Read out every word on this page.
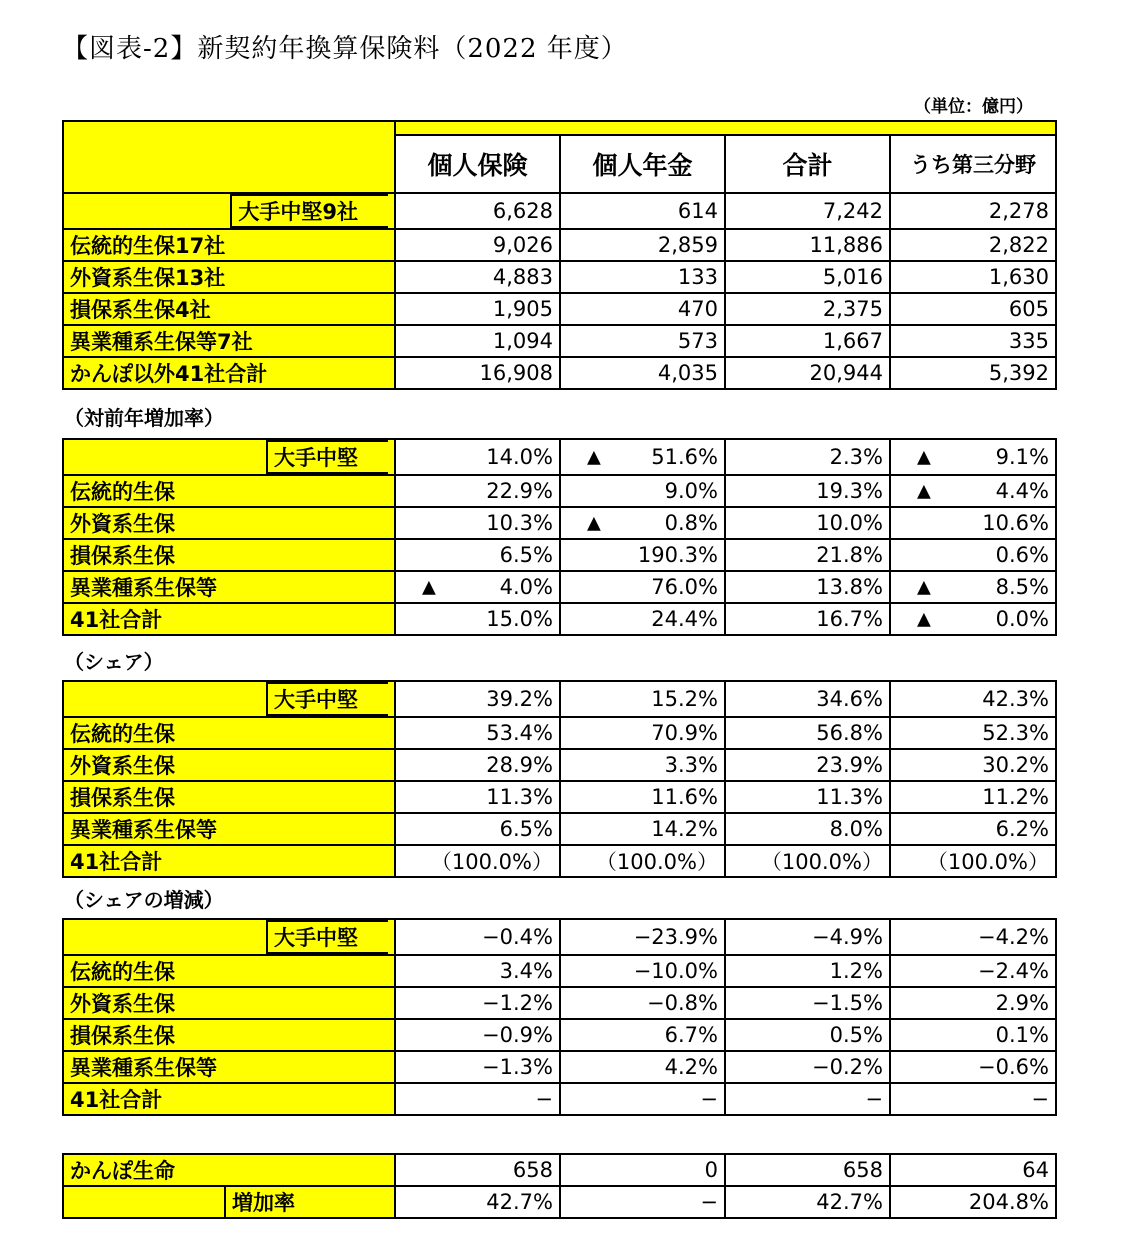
【図表-2】新契約年換算保険料（2022 年度）
（単位：億円）

	個人保険	個人年金	合計	うち第三分野
大手中堅9社	6,628	614	7,242	2,278
伝統的生保17社	9,026	2,859	11,886	2,822
外資系生保13社	4,883	133	5,016	1,630
損保系生保4社	1,905	470	2,375	605
異業種系生保等7社	1,094	573	1,667	335
かんぽ以外41社合計	16,908	4,035	20,944	5,392
（対前年増加率）
大手中堅	14.0%	▲ 51.6%	2.3%	▲ 9.1%
伝統的生保	22.9%	9.0%	19.3%	▲ 4.4%
外資系生保	10.3%	▲ 0.8%	10.0%	10.6%
損保系生保	6.5%	190.3%	21.8%	0.6%
異業種系生保等	▲ 4.0%	76.0%	13.8%	▲ 8.5%
41社合計	15.0%	24.4%	16.7%	▲ 0.0%
（シェア）
大手中堅	39.2%	15.2%	34.6%	42.3%
伝統的生保	53.4%	70.9%	56.8%	52.3%
外資系生保	28.9%	3.3%	23.9%	30.2%
損保系生保	11.3%	11.6%	11.3%	11.2%
異業種系生保等	6.5%	14.2%	8.0%	6.2%
41社合計	（100.0%）	（100.0%）	（100.0%）	（100.0%）
（シェアの増減）
大手中堅	−0.4%	−23.9%	−4.9%	−4.2%
伝統的生保	3.4%	−10.0%	1.2%	−2.4%
外資系生保	−1.2%	−0.8%	−1.5%	2.9%
損保系生保	−0.9%	6.7%	0.5%	0.1%
異業種系生保等	−1.3%	4.2%	−0.2%	−0.6%
41社合計	−	−	−	−
かんぽ生命	658	0	658	64
増加率	42.7%	−	42.7%	204.8%
